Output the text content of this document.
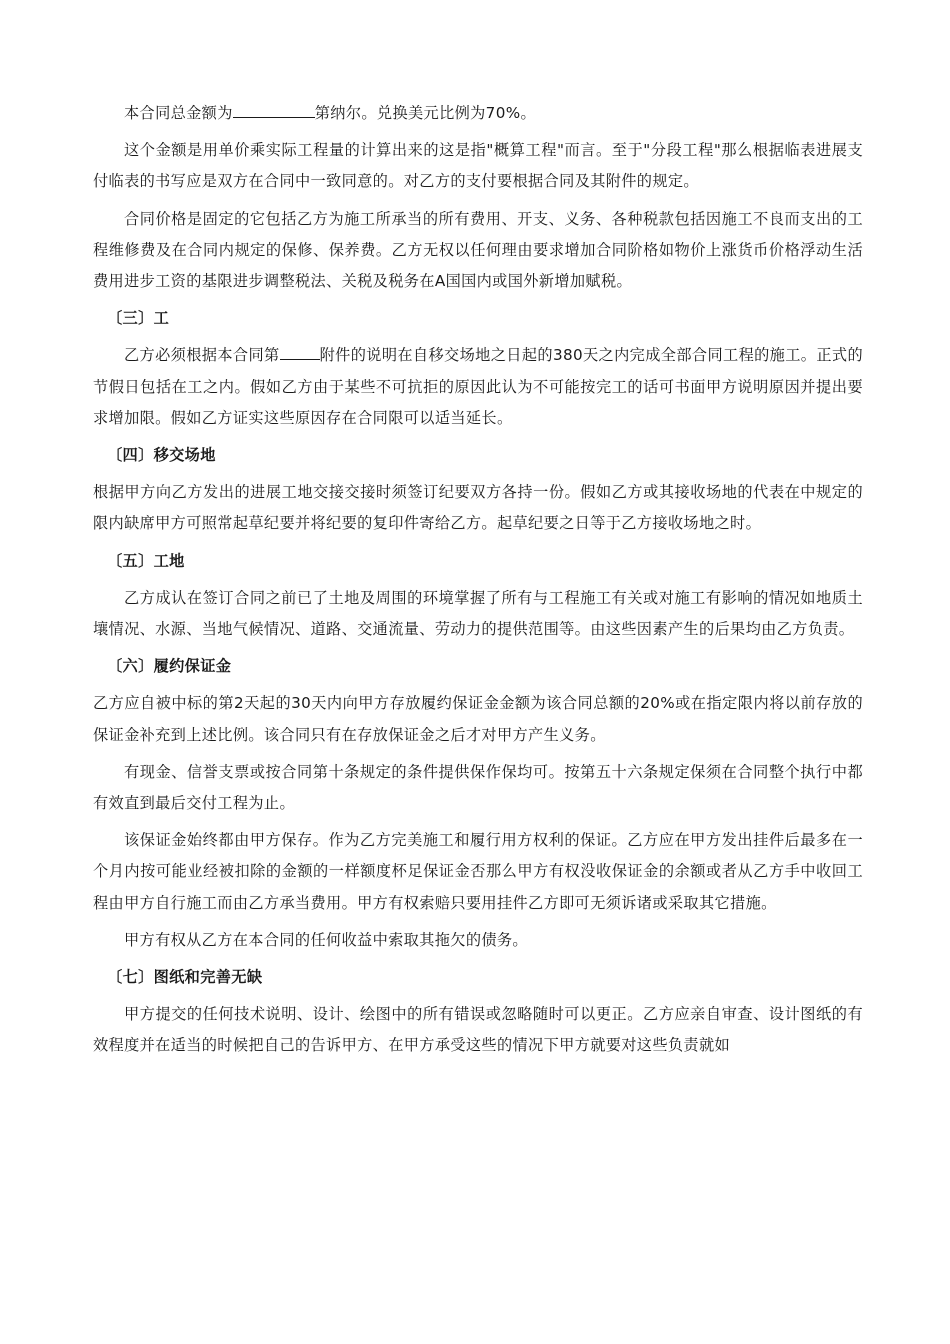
本合同总金额为	第纳尔。兑换美元比例为70%。

这个金额是用单价乘实际工程量的计算出来的这是指"概算工程"而言。至于"分段工程"那么根据临表进展支付临表的书写应是双方在合同中一致同意的。对乙方的支付要根据合同及其附件的规定。

合同价格是固定的它包括乙方为施工所承当的所有费用、开支、义务、各种税款包括因施工不良而支出的工程维修费及在合同内规定的保修、保养费。乙方无权以任何理由要求增加合同阶格如物价上涨货币价格浮动生活费用进步工资的基限进步调整税法、关税及税务在A国国内或国外新增加赋税。

〔三〕工

乙方必须根据本合同第	附件的说明在自移交场地之日起的380天之内完成全部合同工程的施工。正式的节假日包括在工之内。假如乙方由于某些不可抗拒的原因此认为不可能按完工的话可书面甲方说明原因并提出要求增加限。假如乙方证实这些原因存在合同限可以适当延长。

〔四〕移交场地

根据甲方向乙方发出的进展工地交接交接时须签订纪要双方各持一份。假如乙方或其接收场地的代表在中规定的限内缺席甲方可照常起草纪要并将纪要的复印件寄给乙方。起草纪要之日等于乙方接收场地之时。

〔五〕工地

乙方成认在签订合同之前已了土地及周围的环境掌握了所有与工程施工有关或对施工有影响的情况如地质土壤情况、水源、当地气候情况、道路、交通流量、劳动力的提供范围等。由这些因素产生的后果均由乙方负责。

〔六〕履约保证金

乙方应自被中标的第2天起的30天内向甲方存放履约保证金金额为该合同总额的20%或在指定限内将以前存放的保证金补充到上述比例。该合同只有在存放保证金之后才对甲方产生义务。

有现金、信誉支票或按合同第十条规定的条件提供保作保均可。按第五十六条规定保须在合同整个执行中都有效直到最后交付工程为止。

该保证金始终都由甲方保存。作为乙方完美施工和履行用方权利的保证。乙方应在甲方发出挂件后最多在一个月内按可能业经被扣除的金额的一样额度杯足保证金否那么甲方有权没收保证金的余额或者从乙方手中收回工程由甲方自行施工而由乙方承当费用。甲方有权索赔只要用挂件乙方即可无须诉诸或采取其它措施。

甲方有权从乙方在本合同的任何收益中索取其拖欠的债务。

〔七〕图纸和完善无缺

甲方提交的任何技术说明、设计、绘图中的所有错误或忽略随时可以更正。乙方应亲自审查、设计图纸的有效程度并在适当的时候把自己的告诉甲方、在甲方承受这些的情况下甲方就要对这些负责就如
